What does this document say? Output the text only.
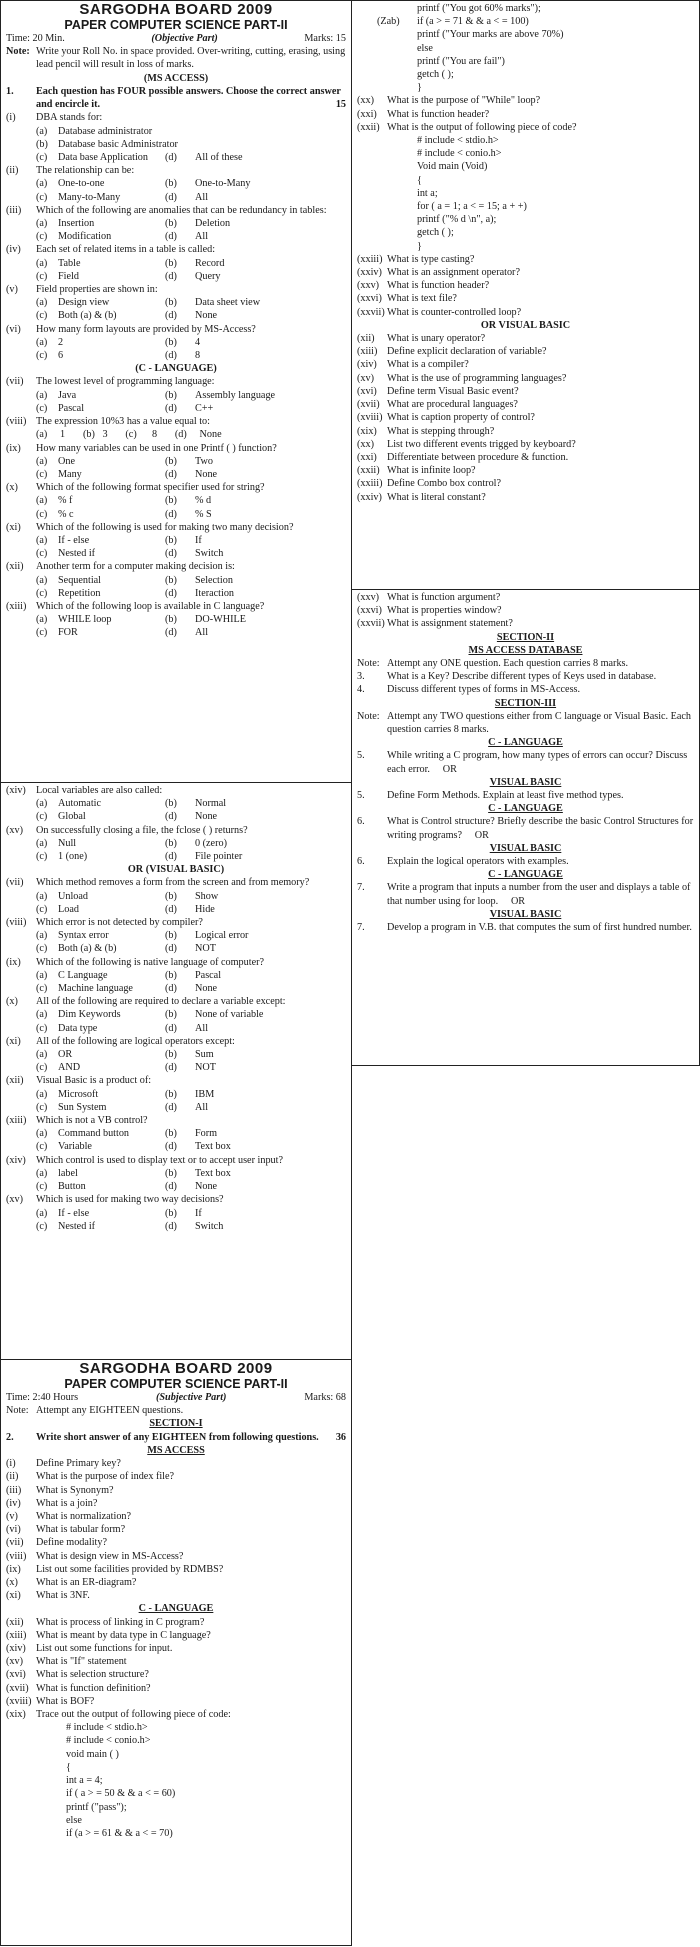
SARGODHA BOARD 2009
PAPER COMPUTER SCIENCE PART-II
Time: 20 Min.	(Objective Part)	Marks: 15
Note: Write your Roll No. in space provided. Over-writing, cutting, erasing, using lead pencil will result in loss of marks.
(MS ACCESS)
1.	Each question has FOUR possible answers. Choose the correct answer and encircle it.	15
(i)	DBA stands for:
(a)	Database administrator
(b) Database basic Administrator
(c)	Data base Application	(d)	All of these
(ii)	The relationship can be:
(a)	One-to-one	(b)	One-to-Many
(c)	Many-to-Many	(d)	All
(iii)	Which of the following are anomalies that can be redundancy in tables:
(a)	Insertion	(b)	Deletion
(c)	Modification	(d)	All
(iv)	Each set of related items in a table is called:
(a)	Table	(b)	Record
(c)	Field	(d)	Query
(v)	Field properties are shown in:
(a)	Design view	(b)	Data sheet view
(c)	Both (a) & (b)	(d)	None
(vi)	How many form layouts are provided by MS-Access?
(a)	2	(b)	4
(c)	6	(d)	8
(C - LANGUAGE)
(vii)	The lowest level of programming language:
(a)	Java	(b)	Assembly language
(c)	Pascal	(d)	C++
(viii) The expression 10%3 has a value equal to:
(a)     1       (b)   3       (c)      8       (d)     None
(ix)	How many variables can be used in one Printf ( ) function?
(a)	One	(b)	Two
(c)	Many	(d)	None
(x)	Which of the following format specifier used for string?
(a)	% f	(b)	% d
(c)	% c	(d)	% S
(xi)	Which of the following is used for making two many decision?
(a)	If - else	(b)	If
(c)	Nested if	(d)	Switch
(xii)	Another term for a computer making decision is:
(a)	Sequential	(b)	Selection
(c)	Repetition	(d)	Iteraction
(xiii) Which of the following loop is available in C language?
(a)	WHILE loop	(b)	DO-WHILE
(c)	FOR	(d)	All
(xiv) Local variables are also called:
(a)	Automatic	(b)	Normal
(c)	Global	(d)	None
(xv)	On successfully closing a file, the fclose ( ) returns?
(a)	Null	(b)	0 (zero)
(c)	1 (one)	(d)	File pointer
OR (VISUAL BASIC)
(vii)	Which method removes a form from the screen and from memory?
(a)	Unload	(b)	Show
(c)	Load	(d)	Hide
(viii) Which error is not detected by compiler?
(a)	Syntax error	(b)	Logical error
(c)	Both (a) & (b)	(d)	NOT
(ix)	Which of the following is native language of computer?
(a)	C Language	(b)	Pascal
(c)	Machine language	(d)	None
(x)	All of the following are required to declare a variable except:
(a)	Dim Keywords	(b)	None of variable
(c)	Data type	(d)	All
(xi)	All of the following are logical operators except:
(a)	OR	(b)	Sum
(c)	AND	(d)	NOT
(xii)	Visual Basic is a product of:
(a)	Microsoft	(b)	IBM
(c)	Sun System	(d)	All
(xiii) Which is not a VB control?
(a)	Command button	(b)	Form
(c)	Variable	(d)	Text box
(xiv) Which control is used to display text or to accept user input?
(a)	label	(b)	Text box
(c)	Button	(d)	None
(xv)	Which is used for making two way decisions?
(a)	If - else	(b)	If
(c)	Nested if	(d)	Switch
SARGODHA BOARD 2009
PAPER COMPUTER SCIENCE PART-II
Time: 2:40 Hours	(Subjective Part)	Marks: 68
Note: Attempt any EIGHTEEN questions.
SECTION-I
2.	Write short answer of any EIGHTEEN from following questions.	36
MS ACCESS
(i)	Define Primary key?
(ii)	What is the purpose of index file?
(iii)	What is Synonym?
(iv)	What is a join?
(v)	What is normalization?
(vi)	What is tabular form?
(vii)	Define modality?
(viii) What is design view in MS-Access?
(ix)	List out some facilities provided by RDMBS?
(x)	What is an ER-diagram?
(xi)	What is 3NF.
C - LANGUAGE
(xii)	What is process of linking in C program?
(xiii) What is meant by data type in C language?
(xiv) List out some functions for input.
(xv)	What is "If" statement
(xvi) What is selection structure?
(xvii) What is function definition?
(xviii) What is BOF?
(xix) Trace out the output of following piece of code:
# include < stdio.h>
# include < conio.h>
void main ( )
{
int a = 4;
if ( a > = 50 & & a < = 60)
printf ("pass");
else
if (a > = 61 & & a < = 70)
printf ("You got 60% marks");
(Zab)	if (a > = 71 & & a < = 100)
printf ("Your marks are above 70%)
else
printf ("You are fail")
getch ( );
}
(xx)	What is the purpose of "While" loop?
(xxi) What is function header?
(xxii) What is the output of following piece of code?
# include < stdio.h>
# include < conio.h>
Void main (Void)
{
int a;
for ( a = 1; a < = 15; a + +)
printf ("% d \n", a);
getch ( );
}
(xxiii) What is type casting?
(xxiv) What is an assignment operator?
(xxv) What is function header?
(xxvi) What is text file?
(xxvii) What is counter-controlled loop?
OR VISUAL BASIC
(xii)	What is unary operator?
(xiii) Define explicit declaration of variable?
(xiv) What is a compiler?
(xv)	What is the use of programming languages?
(xvi) Define term Visual Basic event?
(xvii) What are procedural languages?
(xviii) What is caption property of control?
(xix) What is stepping through?
(xx)	List two different events trigged by keyboard?
(xxi) Differentiate between procedure & function.
(xxii) What is infinite loop?
(xxiii) Define Combo box control?
(xxiv) What is literal constant?
(xxv) What is function argument?
(xxvi) What is properties window?
(xxvii) What is assignment statement?
SECTION-II
MS ACCESS DATABASE
Note: Attempt any ONE question. Each question carries 8 marks.
3.	What is a Key? Describe different types of Keys used in database.
4.	Discuss different types of forms in MS-Access.
SECTION-III
Note: Attempt any TWO questions either from C language or Visual Basic. Each question carries 8 marks.
C - LANGUAGE
5.	While writing a C program, how many types of errors can occur? Discuss each error. OR
VISUAL BASIC
5.	Define Form Methods. Explain at least five method types.
C - LANGUAGE
6.	What is Control structure? Briefly describe the basic Control Structures for writing programs? OR
VISUAL BASIC
6.	Explain the logical operators with examples.
C - LANGUAGE
7.	Write a program that inputs a number from the user and displays a table of that number using for loop. OR
VISUAL BASIC
7.	Develop a program in V.B. that computes the sum of first hundred number.
